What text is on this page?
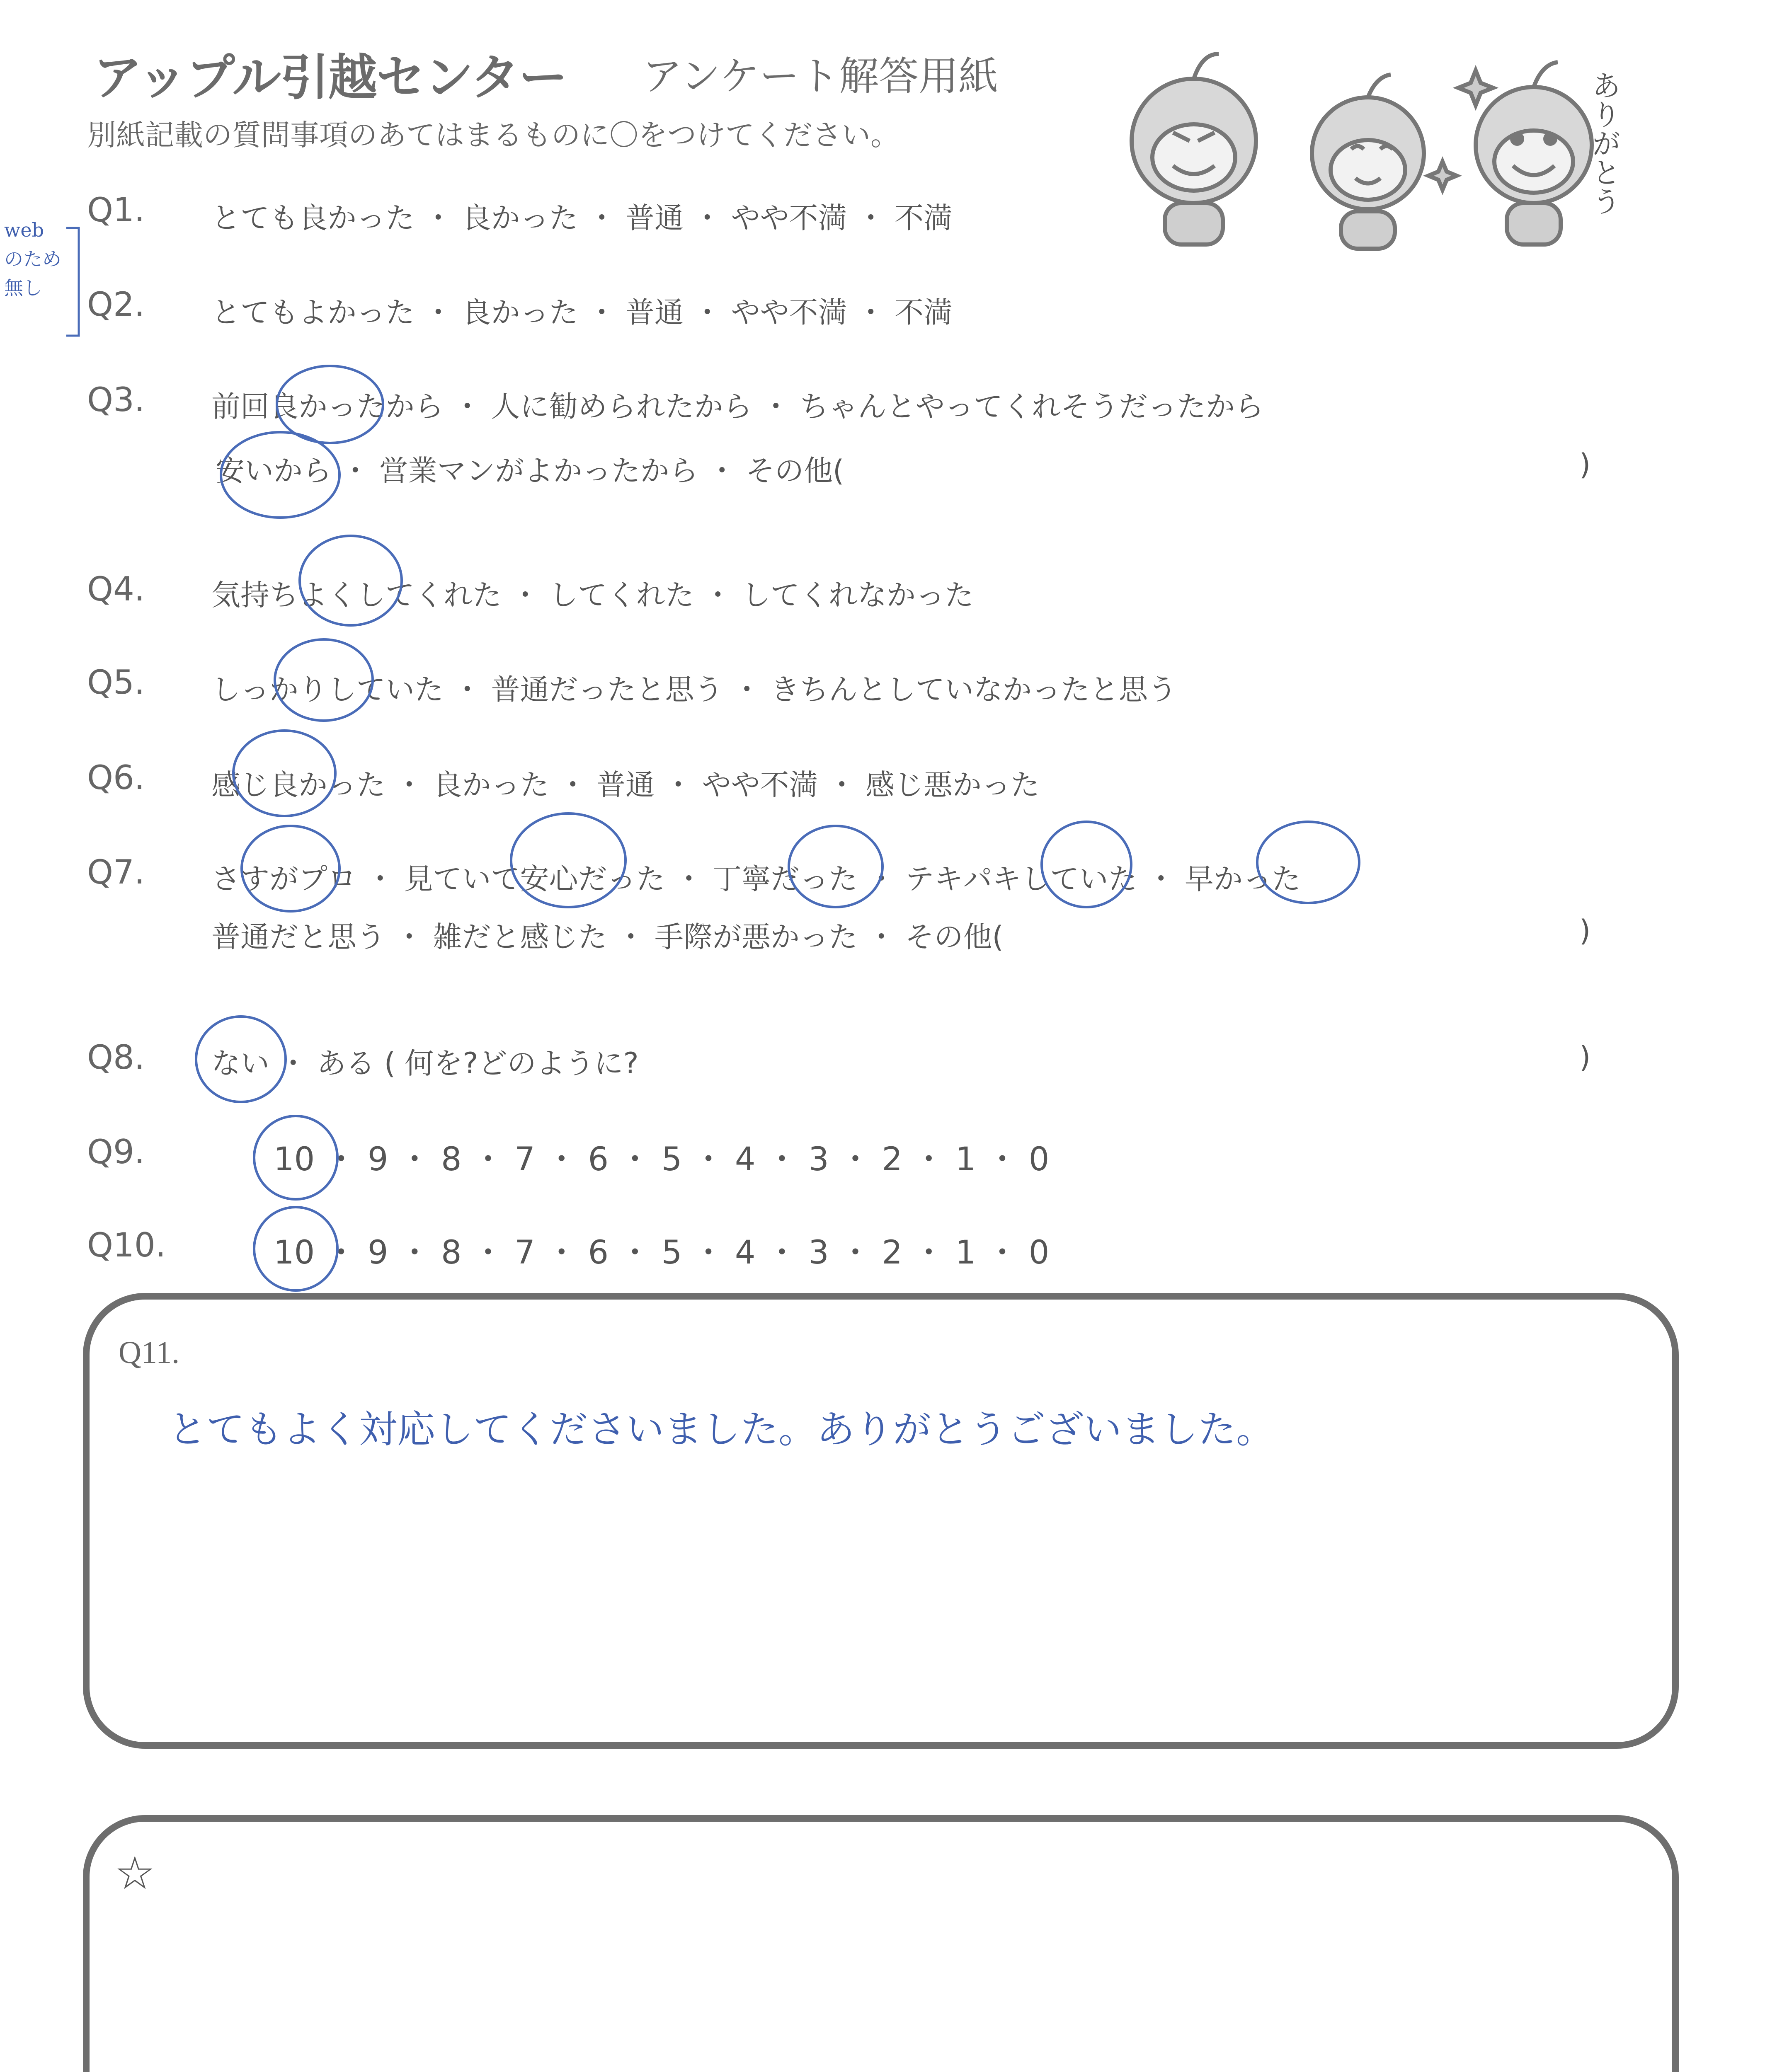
アップル引越センター アンケート解答用紙
別紙記載の質問事項のあてはまるものに〇をつけてください。	ありがとう
web のため 無し
Q1. とても良かった ・ 良かった ・ 普通 ・ やや不満 ・ 不満
Q2. とてもよかった ・ 良かった ・ 普通 ・ やや不満 ・ 不満
Q3. 前回良かったから ・ 人に勧められたから ・ ちゃんとやってくれそうだったから
安いから ・ 営業マンがよかったから ・ その他(	)
Q4. 気持ちよくしてくれた ・ してくれた ・ してくれなかった
Q5. しっかりしていた ・ 普通だったと思う ・ きちんとしていなかったと思う
Q6. 感じ良かった ・ 良かった ・ 普通 ・ やや不満 ・ 感じ悪かった
Q7. さすがプロ ・ 見ていて安心だった ・ 丁寧だった ・ テキパキしていた ・ 早かった
普通だと思う ・ 雑だと感じた ・ 手際が悪かった ・ その他(	)
Q8. ない ・ ある ( 何を?どのように?	)
Q9.	10 ・ 9 ・ 8 ・ 7 ・ 6 ・ 5 ・ 4 ・ 3 ・ 2 ・ 1 ・ 0
Q10.	10 ・ 9 ・ 8 ・ 7 ・ 6 ・ 5 ・ 4 ・ 3 ・ 2 ・ 1 ・ 0
Q11.
とてもよく対応してくださいました。ありがとうございました。
☆
